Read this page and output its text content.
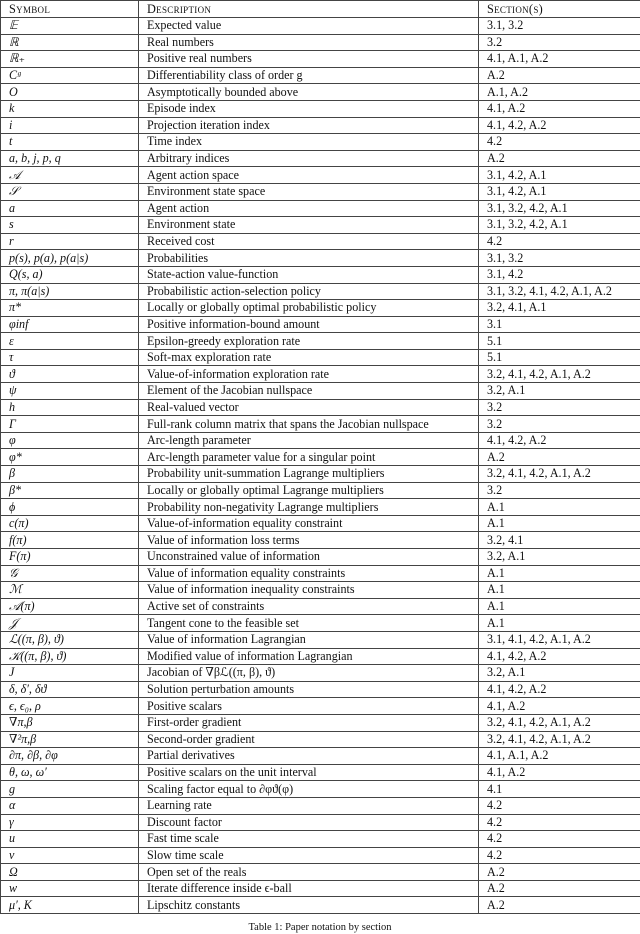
Symbol	Description	Section(s)
𝔼	Expected value	3.1, 3.2
ℝ	Real numbers	3.2
ℝ₊	Positive real numbers	4.1, A.1, A.2
Cᵍ	Differentiability class of order g	A.2
O	Asymptotically bounded above	A.1, A.2
k	Episode index	4.1, A.2
i	Projection iteration index	4.1, 4.2, A.2
t	Time index	4.2
a, b, j, p, q	Arbitrary indices	A.2
𝒜	Agent action space	3.1, 4.2, A.1
𝒮	Environment state space	3.1, 4.2, A.1
a	Agent action	3.1, 3.2, 4.2, A.1
s	Environment state	3.1, 3.2, 4.2, A.1
r	Received cost	4.2
p(s), p(a), p(a|s)	Probabilities	3.1, 3.2
Q(s, a)	State-action value-function	3.1, 4.2
π, π(a|s)	Probabilistic action-selection policy	3.1, 3.2, 4.1, 4.2, A.1, A.2
π*	Locally or globally optimal probabilistic policy	3.2, 4.1, A.1
φinf	Positive information-bound amount	3.1
ε	Epsilon-greedy exploration rate	5.1
τ	Soft-max exploration rate	5.1
ϑ	Value-of-information exploration rate	3.2, 4.1, 4.2, A.1, A.2
ψ	Element of the Jacobian nullspace	3.2, A.1
h	Real-valued vector	3.2
Γ	Full-rank column matrix that spans the Jacobian nullspace	3.2
φ	Arc-length parameter	4.1, 4.2, A.2
φ*	Arc-length parameter value for a singular point	A.2
β	Probability unit-summation Lagrange multipliers	3.2, 4.1, 4.2, A.1, A.2
β*	Locally or globally optimal Lagrange multipliers	3.2
ϕ	Probability non-negativity Lagrange multipliers	A.1
c(π)	Value-of-information equality constraint	A.1
f(π)	Value of information loss terms	3.2, 4.1
F(π)	Unconstrained value of information	3.2, A.1
𝒢	Value of information equality constraints	A.1
ℳ	Value of information inequality constraints	A.1
𝒜(π)	Active set of constraints	A.1
𝒥	Tangent cone to the feasible set	A.1
ℒ((π, β), ϑ)	Value of information Lagrangian	3.1, 4.1, 4.2, A.1, A.2
𝒦((π, β), ϑ)	Modified value of information Lagrangian	4.1, 4.2, A.2
J	Jacobian of ∇βℒ((π, β), ϑ)	3.2, A.1
δ, δ′, δϑ	Solution perturbation amounts	4.1, 4.2, A.2
ϵ, ϵ₀, ρ	Positive scalars	4.1, A.2
∇π,β	First-order gradient	3.2, 4.1, 4.2, A.1, A.2
∇²π,β	Second-order gradient	3.2, 4.1, 4.2, A.1, A.2
∂π, ∂β, ∂φ	Partial derivatives	4.1, A.1, A.2
θ, ω, ω′	Positive scalars on the unit interval	4.1, A.2
g	Scaling factor equal to ∂φϑ(φ)	4.1
α	Learning rate	4.2
γ	Discount factor	4.2
u	Fast time scale	4.2
v	Slow time scale	4.2
Ω	Open set of the reals	A.2
w	Iterate difference inside ϵ-ball	A.2
μ′, K	Lipschitz constants	A.2
Table 1: Paper notation by section
